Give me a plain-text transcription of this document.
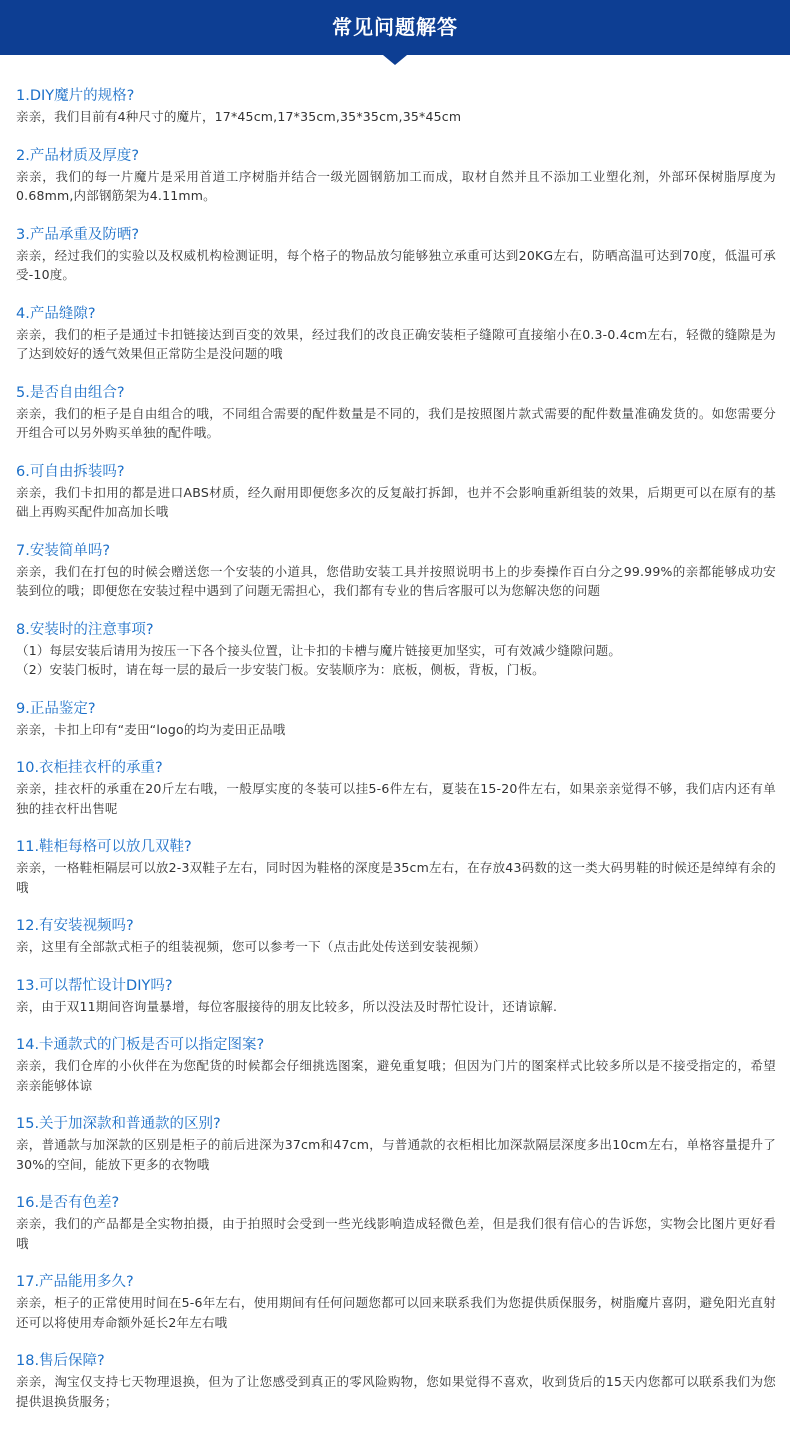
常见问题解答
1.DIY魔片的规格?

亲亲，我们目前有4种尺寸的魔片，17*45cm,17*35cm,35*35cm,35*45cm

2.产品材质及厚度?

亲亲，我们的每一片魔片是采用首道工序树脂并结合一级光圆钢筋加工而成，取材自然并且不添加工业塑化剂，外部环保树脂厚度为0.68mm,内部钢筋架为4.11mm。

3.产品承重及防晒?

亲亲，经过我们的实验以及权威机构检测证明，每个格子的物品放匀能够独立承重可达到20KG左右，防晒高温可达到70度，低温可承受-10度。

4.产品缝隙?

亲亲，我们的柜子是通过卡扣链接达到百变的效果，经过我们的改良正确安装柜子缝隙可直接缩小在0.3-0.4cm左右，轻微的缝隙是为了达到姣好的透气效果但正常防尘是没问题的哦

5.是否自由组合?

亲亲，我们的柜子是自由组合的哦，不同组合需要的配件数量是不同的，我们是按照图片款式需要的配件数量准确发货的。如您需要分开组合可以另外购买单独的配件哦。

6.可自由拆装吗?

亲亲，我们卡扣用的都是进口ABS材质，经久耐用即便您多次的反复敲打拆卸，也并不会影响重新组装的效果，后期更可以在原有的基础上再购买配件加高加长哦

7.安装简单吗?

亲亲，我们在打包的时候会赠送您一个安装的小道具，您借助安装工具并按照说明书上的步奏操作百白分之99.99%的亲都能够成功安装到位的哦；即便您在安装过程中遇到了问题无需担心，我们都有专业的售后客服可以为您解决您的问题

8.安装时的注意事项?

（1）每层安装后请用为按压一下各个接头位置，让卡扣的卡槽与魔片链接更加坚实，可有效减少缝隙问题。

（2）安装门板时，请在每一层的最后一步安装门板。安装顺序为：底板，侧板，背板，门板。

9.正品鉴定?

亲亲，卡扣上印有“麦田“logo的均为麦田正品哦

10.衣柜挂衣杆的承重?

亲亲，挂衣杆的承重在20斤左右哦，一般厚实度的冬装可以挂5-6件左右，夏装在15-20件左右，如果亲亲觉得不够，我们店内还有单独的挂衣杆出售呢

11.鞋柜每格可以放几双鞋?

亲亲，一格鞋柜隔层可以放2-3双鞋子左右，同时因为鞋格的深度是35cm左右，在存放43码数的这一类大码男鞋的时候还是绰绰有余的哦

12.有安装视频吗?

亲，这里有全部款式柜子的组装视频，您可以参考一下（点击此处传送到安装视频）

13.可以帮忙设计DIY吗?

亲，由于双11期间咨询量暴增，每位客服接待的朋友比较多，所以没法及时帮忙设计，还请谅解.

14.卡通款式的门板是否可以指定图案?

亲亲，我们仓库的小伙伴在为您配货的时候都会仔细挑选图案，避免重复哦；但因为门片的图案样式比较多所以是不接受指定的，希望亲亲能够体谅

15.关于加深款和普通款的区别?

亲，普通款与加深款的区别是柜子的前后进深为37cm和47cm，与普通款的衣柜相比加深款隔层深度多出10cm左右，单格容量提升了30%的空间，能放下更多的衣物哦

16.是否有色差?

亲亲，我们的产品都是全实物拍摄，由于拍照时会受到一些光线影响造成轻微色差，但是我们很有信心的告诉您，实物会比图片更好看哦

17.产品能用多久?

亲亲，柜子的正常使用时间在5-6年左右，使用期间有任何问题您都可以回来联系我们为您提供质保服务，树脂魔片喜阴，避免阳光直射还可以将使用寿命额外延长2年左右哦

18.售后保障?

亲亲，淘宝仅支持七天物理退换，但为了让您感受到真正的零风险购物，您如果觉得不喜欢，收到货后的15天内您都可以联系我们为您提供退换货服务；
